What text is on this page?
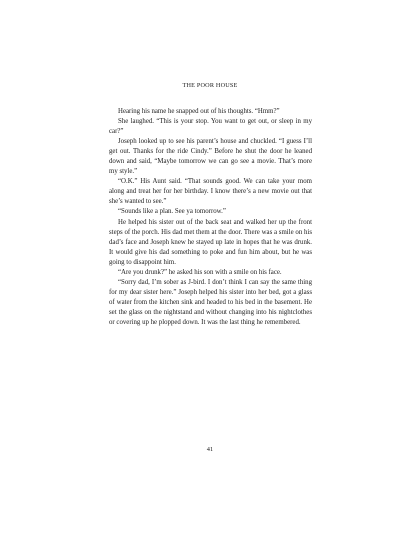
THE POOR HOUSE

Hearing his name he snapped out of his thoughts. “Hmm?”

She laughed. “This is your stop. You want to get out, or sleep in my car?”

Joseph looked up to see his parent’s house and chuckled. “I guess I’ll get out. Thanks for the ride Cindy.” Before he shut the door he leaned down and said, “Maybe tomorrow we can go see a movie. That’s more my style.”

“O.K.” His Aunt said. “That sounds good. We can take your mom along and treat her for her birthday. I know there’s a new movie out that she’s wanted to see.”

“Sounds like a plan. See ya tomorrow.”

He helped his sister out of the back seat and walked her up the front steps of the porch. His dad met them at the door. There was a smile on his dad’s face and Joseph knew he stayed up late in hopes that he was drunk. It would give his dad something to poke and fun him about, but he was going to disappoint him.

“Are you drunk?” he asked his son with a smile on his face.

“Sorry dad, I’m sober as J-bird. I don’t think I can say the same thing for my dear sister here.” Joseph helped his sister into her bed, got a glass of water from the kitchen sink and headed to his bed in the basement. He set the glass on the nightstand and without changing into his nightclothes or covering up he plopped down. It was the last thing he remembered.

41
